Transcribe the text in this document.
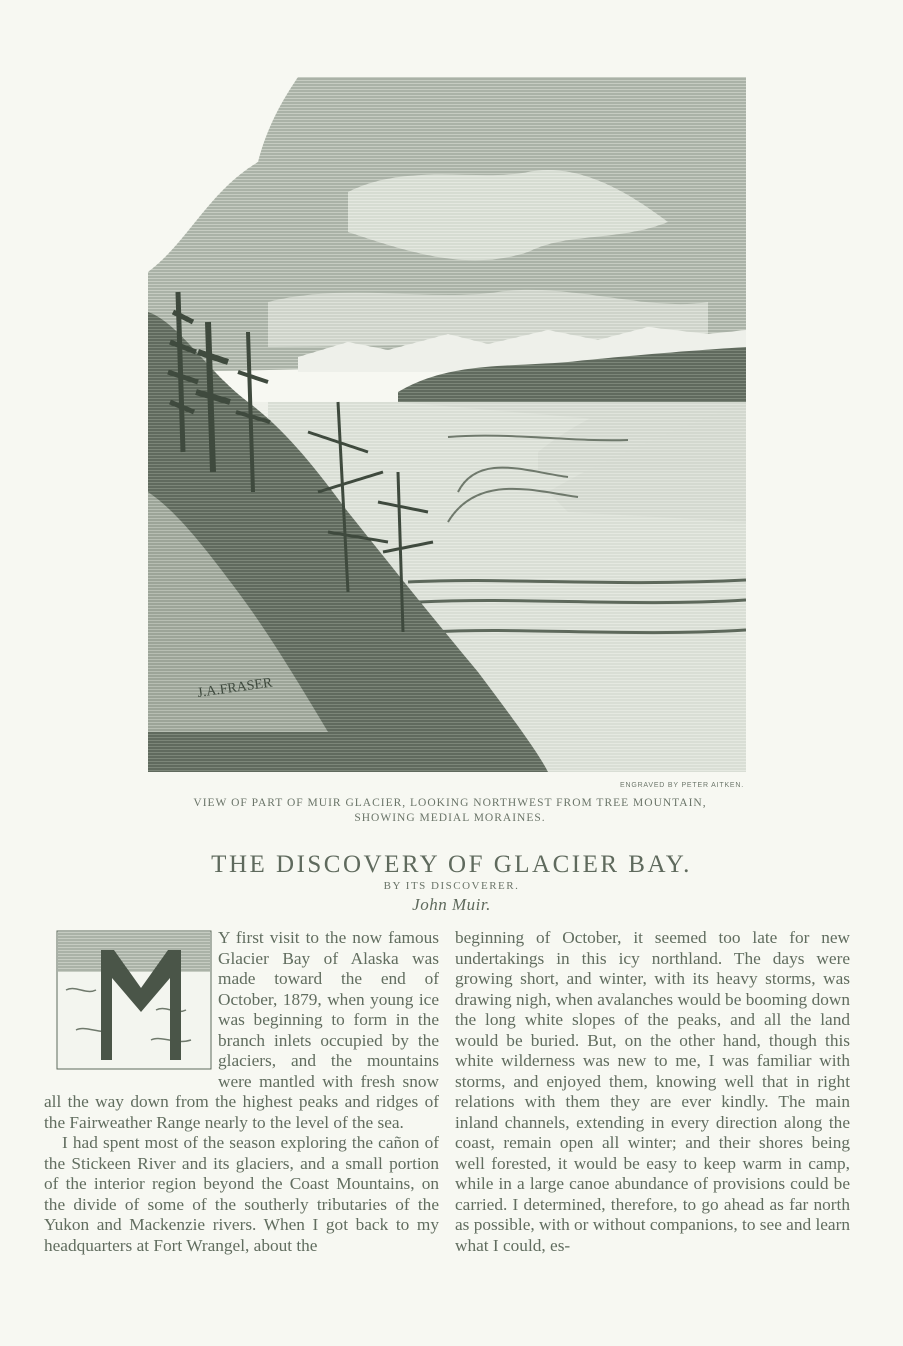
J.A.FRASER
ENGRAVED BY PETER AITKEN.
VIEW OF PART OF MUIR GLACIER, LOOKING NORTHWEST FROM TREE MOUNTAIN,
SHOWING MEDIAL MORAINES.
THE DISCOVERY OF GLACIER BAY.
BY ITS DISCOVERER.
John Muir.

Y first visit to the now famous Glacier Bay of Alaska was made toward the end of October, 1879, when young ice was beginning to form in the branch inlets occupied by the glaciers, and the mountains were mantled with fresh snow all the way down from the highest peaks and ridges of the Fairweather Range nearly to the level of the sea.

I had spent most of the season exploring the cañon of the Stickeen River and its glaciers, and a small portion of the interior region beyond the Coast Mountains, on the divide of some of the southerly tributaries of the Yukon and Mackenzie rivers. When I got back to my headquarters at Fort Wrangel, about the

beginning of October, it seemed too late for new undertakings in this icy northland. The days were growing short, and winter, with its heavy storms, was drawing nigh, when avalanches would be booming down the long white slopes of the peaks, and all the land would be buried. But, on the other hand, though this white wilderness was new to me, I was familiar with storms, and enjoyed them, knowing well that in right relations with them they are ever kindly. The main inland channels, extending in every direction along the coast, remain open all winter; and their shores being well forested, it would be easy to keep warm in camp, while in a large canoe abundance of provisions could be carried. I determined, therefore, to go ahead as far north as possible, with or without companions, to see and learn what I could, es-
